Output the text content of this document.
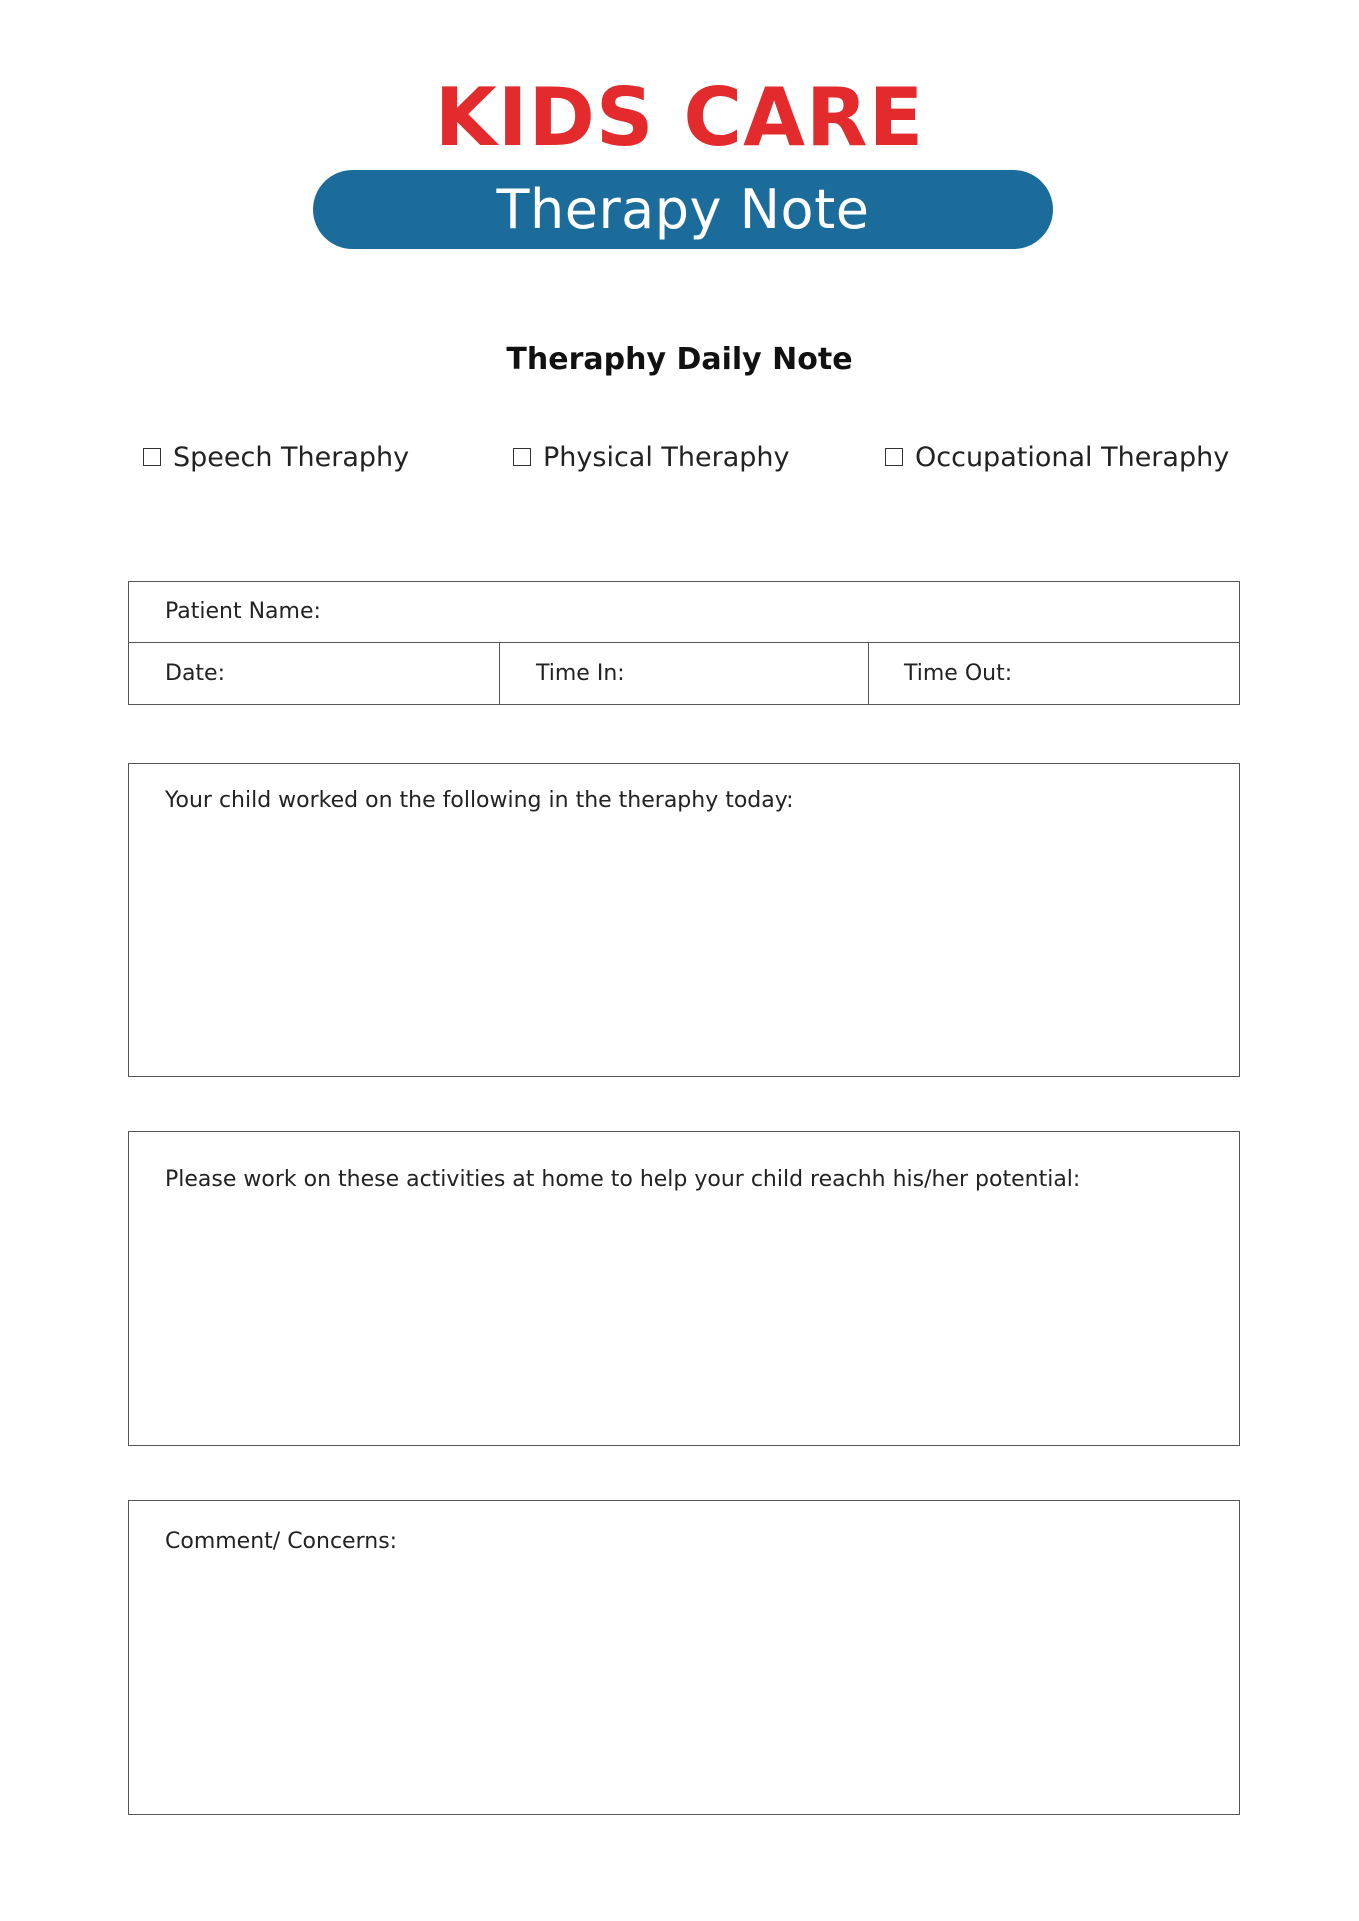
KIDS CARE
Therapy Note
Theraphy Daily Note
Speech Theraphy	Physical Theraphy	Occupational Theraphy
Patient Name:
Date:	Time In:	Time Out:
Your child worked on the following in the theraphy today:
Please work on these activities at home to help your child reachh his/her potential:
Comment/ Concerns:
